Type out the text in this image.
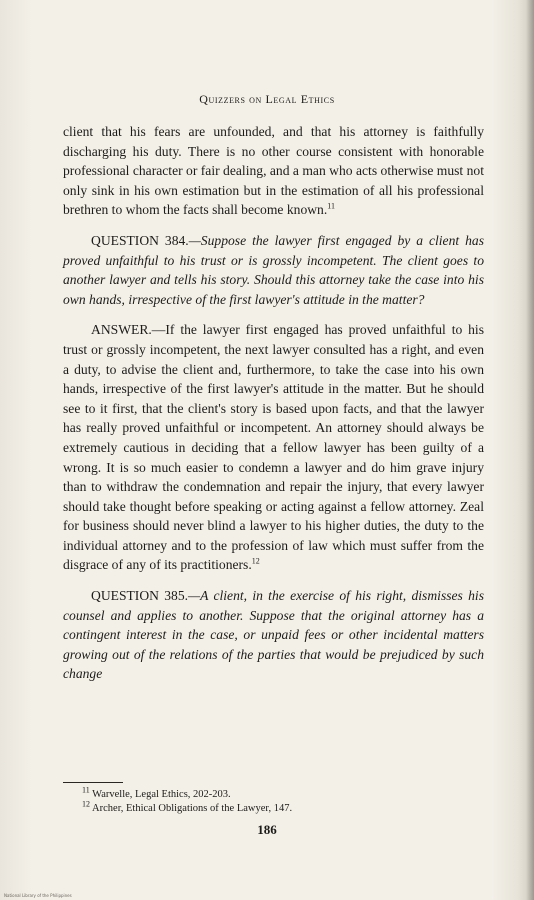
Quizzers on Legal Ethics

client that his fears are unfounded, and that his attorney is faithfully discharging his duty. There is no other course consistent with honorable professional character or fair dealing, and a man who acts otherwise must not only sink in his own estimation but in the estimation of all his professional brethren to whom the facts shall become known.$^{11}$

QUESTION 384.—Suppose the lawyer first engaged by a client has proved unfaithful to his trust or is grossly incompetent. The client goes to another lawyer and tells his story. Should this attorney take the case into his own hands, irrespective of the first lawyer's attitude in the matter?

ANSWER.—If the lawyer first engaged has proved unfaithful to his trust or grossly incompetent, the next lawyer consulted has a right, and even a duty, to advise the client and, furthermore, to take the case into his own hands, irrespective of the first lawyer's attitude in the matter. But he should see to it first, that the client's story is based upon facts, and that the lawyer has really proved unfaithful or incompetent. An attorney should always be extremely cautious in deciding that a fellow lawyer has been guilty of a wrong. It is so much easier to condemn a lawyer and do him grave injury than to withdraw the condemnation and repair the injury, that every lawyer should take thought before speaking or acting against a fellow attorney. Zeal for business should never blind a lawyer to his higher duties, the duty to the individual attorney and to the profession of law which must suffer from the disgrace of any of its practitioners.$^{12}$

QUESTION 385.—A client, in the exercise of his right, dismisses his counsel and applies to another. Suppose that the original attorney has a contingent interest in the case, or unpaid fees or other incidental matters growing out of the relations of the parties that would be prejudiced by such change

$^{11}$ Warvelle, Legal Ethics, 202-203.
$^{12}$ Archer, Ethical Obligations of the Lawyer, 147.
186
National Library of the Philippines
